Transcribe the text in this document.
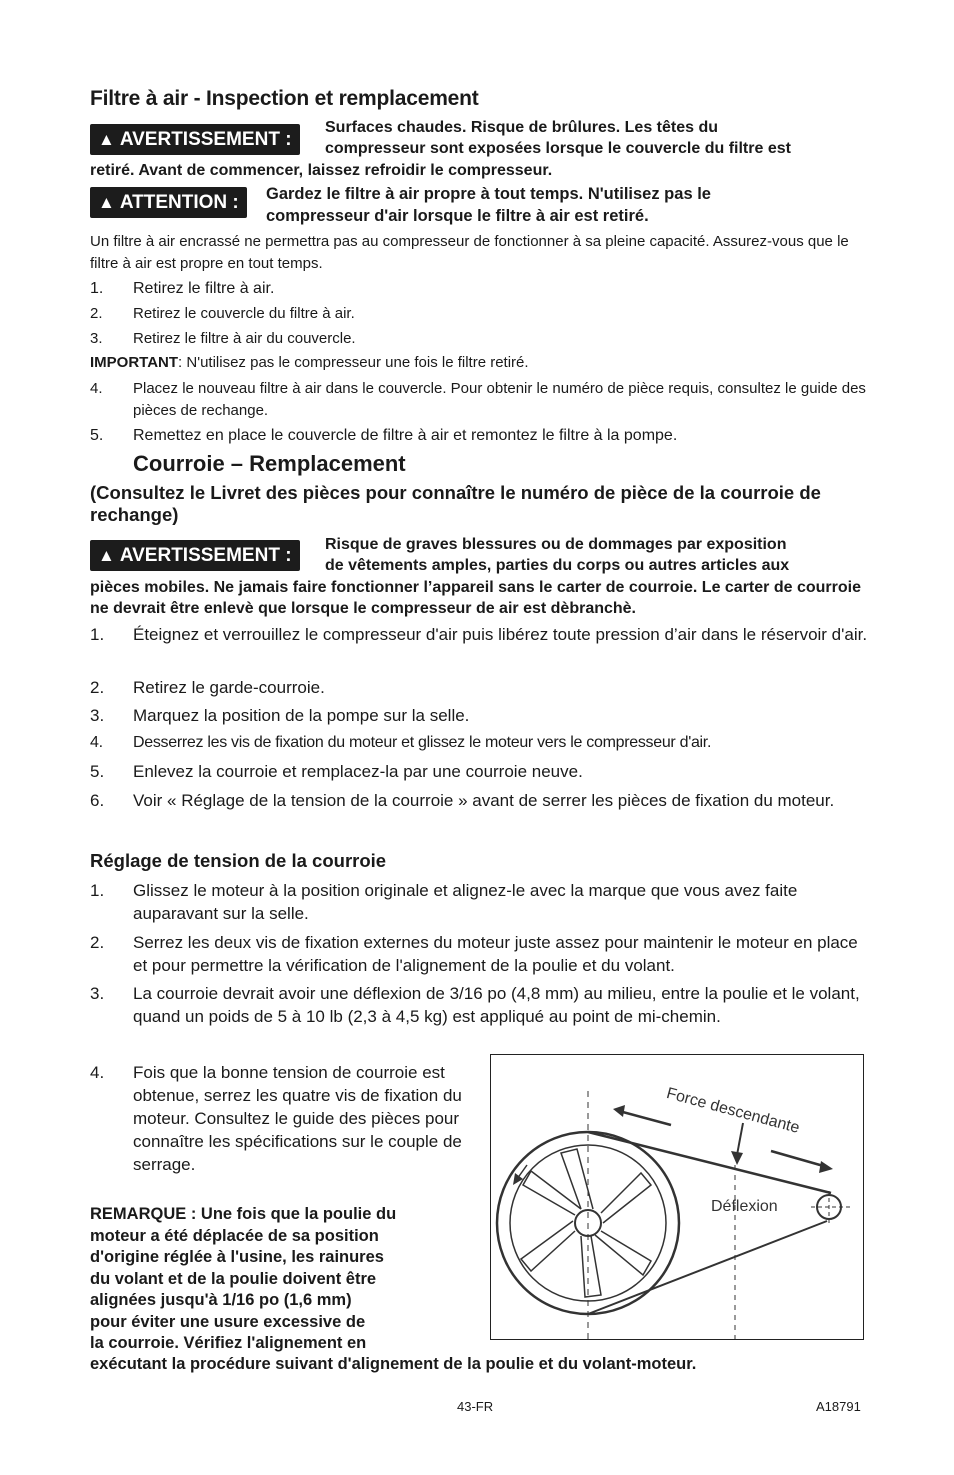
Filtre à air - Inspection et remplacement
▲ AVERTISSEMENT :
Surfaces chaudes. Risque de brûlures. Les têtes du
compresseur sont exposées lorsque le couvercle du filtre est
retiré. Avant de commencer, laissez refroidir le compresseur.
▲ ATTENTION : Gardez le filtre à air propre à tout temps. N'utilisez pas le
compresseur d'air lorsque le filtre à air est retiré.
Un filtre à air encrassé ne permettra pas au compresseur de fonctionner à sa pleine capacité. Assurez-vous que le filtre à air est propre en tout temps.
1. Retirez le filtre à air.
2. Retirez le couvercle du filtre à air.
3. Retirez le filtre à air du couvercle.
IMPORTANT: N'utilisez pas le compresseur une fois le filtre retiré.
4. Placez le nouveau filtre à air dans le couvercle. Pour obtenir le numéro de pièce requis, consultez le guide des pièces de rechange.
5. Remettez en place le couvercle de filtre à air et remontez le filtre à la pompe.
Courroie – Remplacement
(Consultez le Livret des pièces pour connaître le numéro de pièce de la courroie de rechange)
▲ AVERTISSEMENT : Risque de graves blessures ou de dommages par exposition
de vêtements amples, parties du corps ou autres articles aux
pièces mobiles. Ne jamais faire fonctionner l’appareil sans le carter de courroie. Le carter de courroie ne devrait être enlevè que lorsque le compresseur de air est dèbranchè.
1. Éteignez et verrouillez le compresseur d'air puis libérez toute pression d’air dans le réservoir d'air.
2. Retirez le garde-courroie.
3. Marquez la position de la pompe sur la selle.
4. Desserrez les vis de fixation du moteur et glissez le moteur vers le compresseur d'air.
5. Enlevez la courroie et remplacez-la par une courroie neuve.
6. Voir « Réglage de la tension de la courroie » avant de serrer les pièces de fixation du moteur.
Réglage de tension de la courroie
1. Glissez le moteur à la position originale et alignez-le avec la marque que vous avez faite auparavant sur la selle.
2. Serrez les deux vis de fixation externes du moteur juste assez pour maintenir le moteur en place et pour permettre la vérification de l'alignement de la poulie et du volant.
3. La courroie devrait avoir une déflexion de 3/16 po (4,8 mm) au milieu, entre la poulie et le volant, quand un poids de 5 à 10 lb (2,3 à 4,5 kg) est appliqué au point de mi-chemin.
4. Fois que la bonne tension de courroie est obtenue, serrez les quatre vis de fixation du moteur. Consultez le guide des pièces pour connaître les spécifications sur le couple de serrage.
REMARQUE : Une fois que la poulie du
moteur a été déplacée de sa position
d'origine réglée à l'usine, les rainures
du volant et de la poulie doivent être
alignées jusqu'à 1/16 po (1,6 mm)
pour éviter une usure excessive de
la courroie. Vérifiez l'alignement en
exécutant la procédure suivant d'alignement de la poulie et du volant-moteur.
Force descendante
Déflexion
43-FR	A18791
